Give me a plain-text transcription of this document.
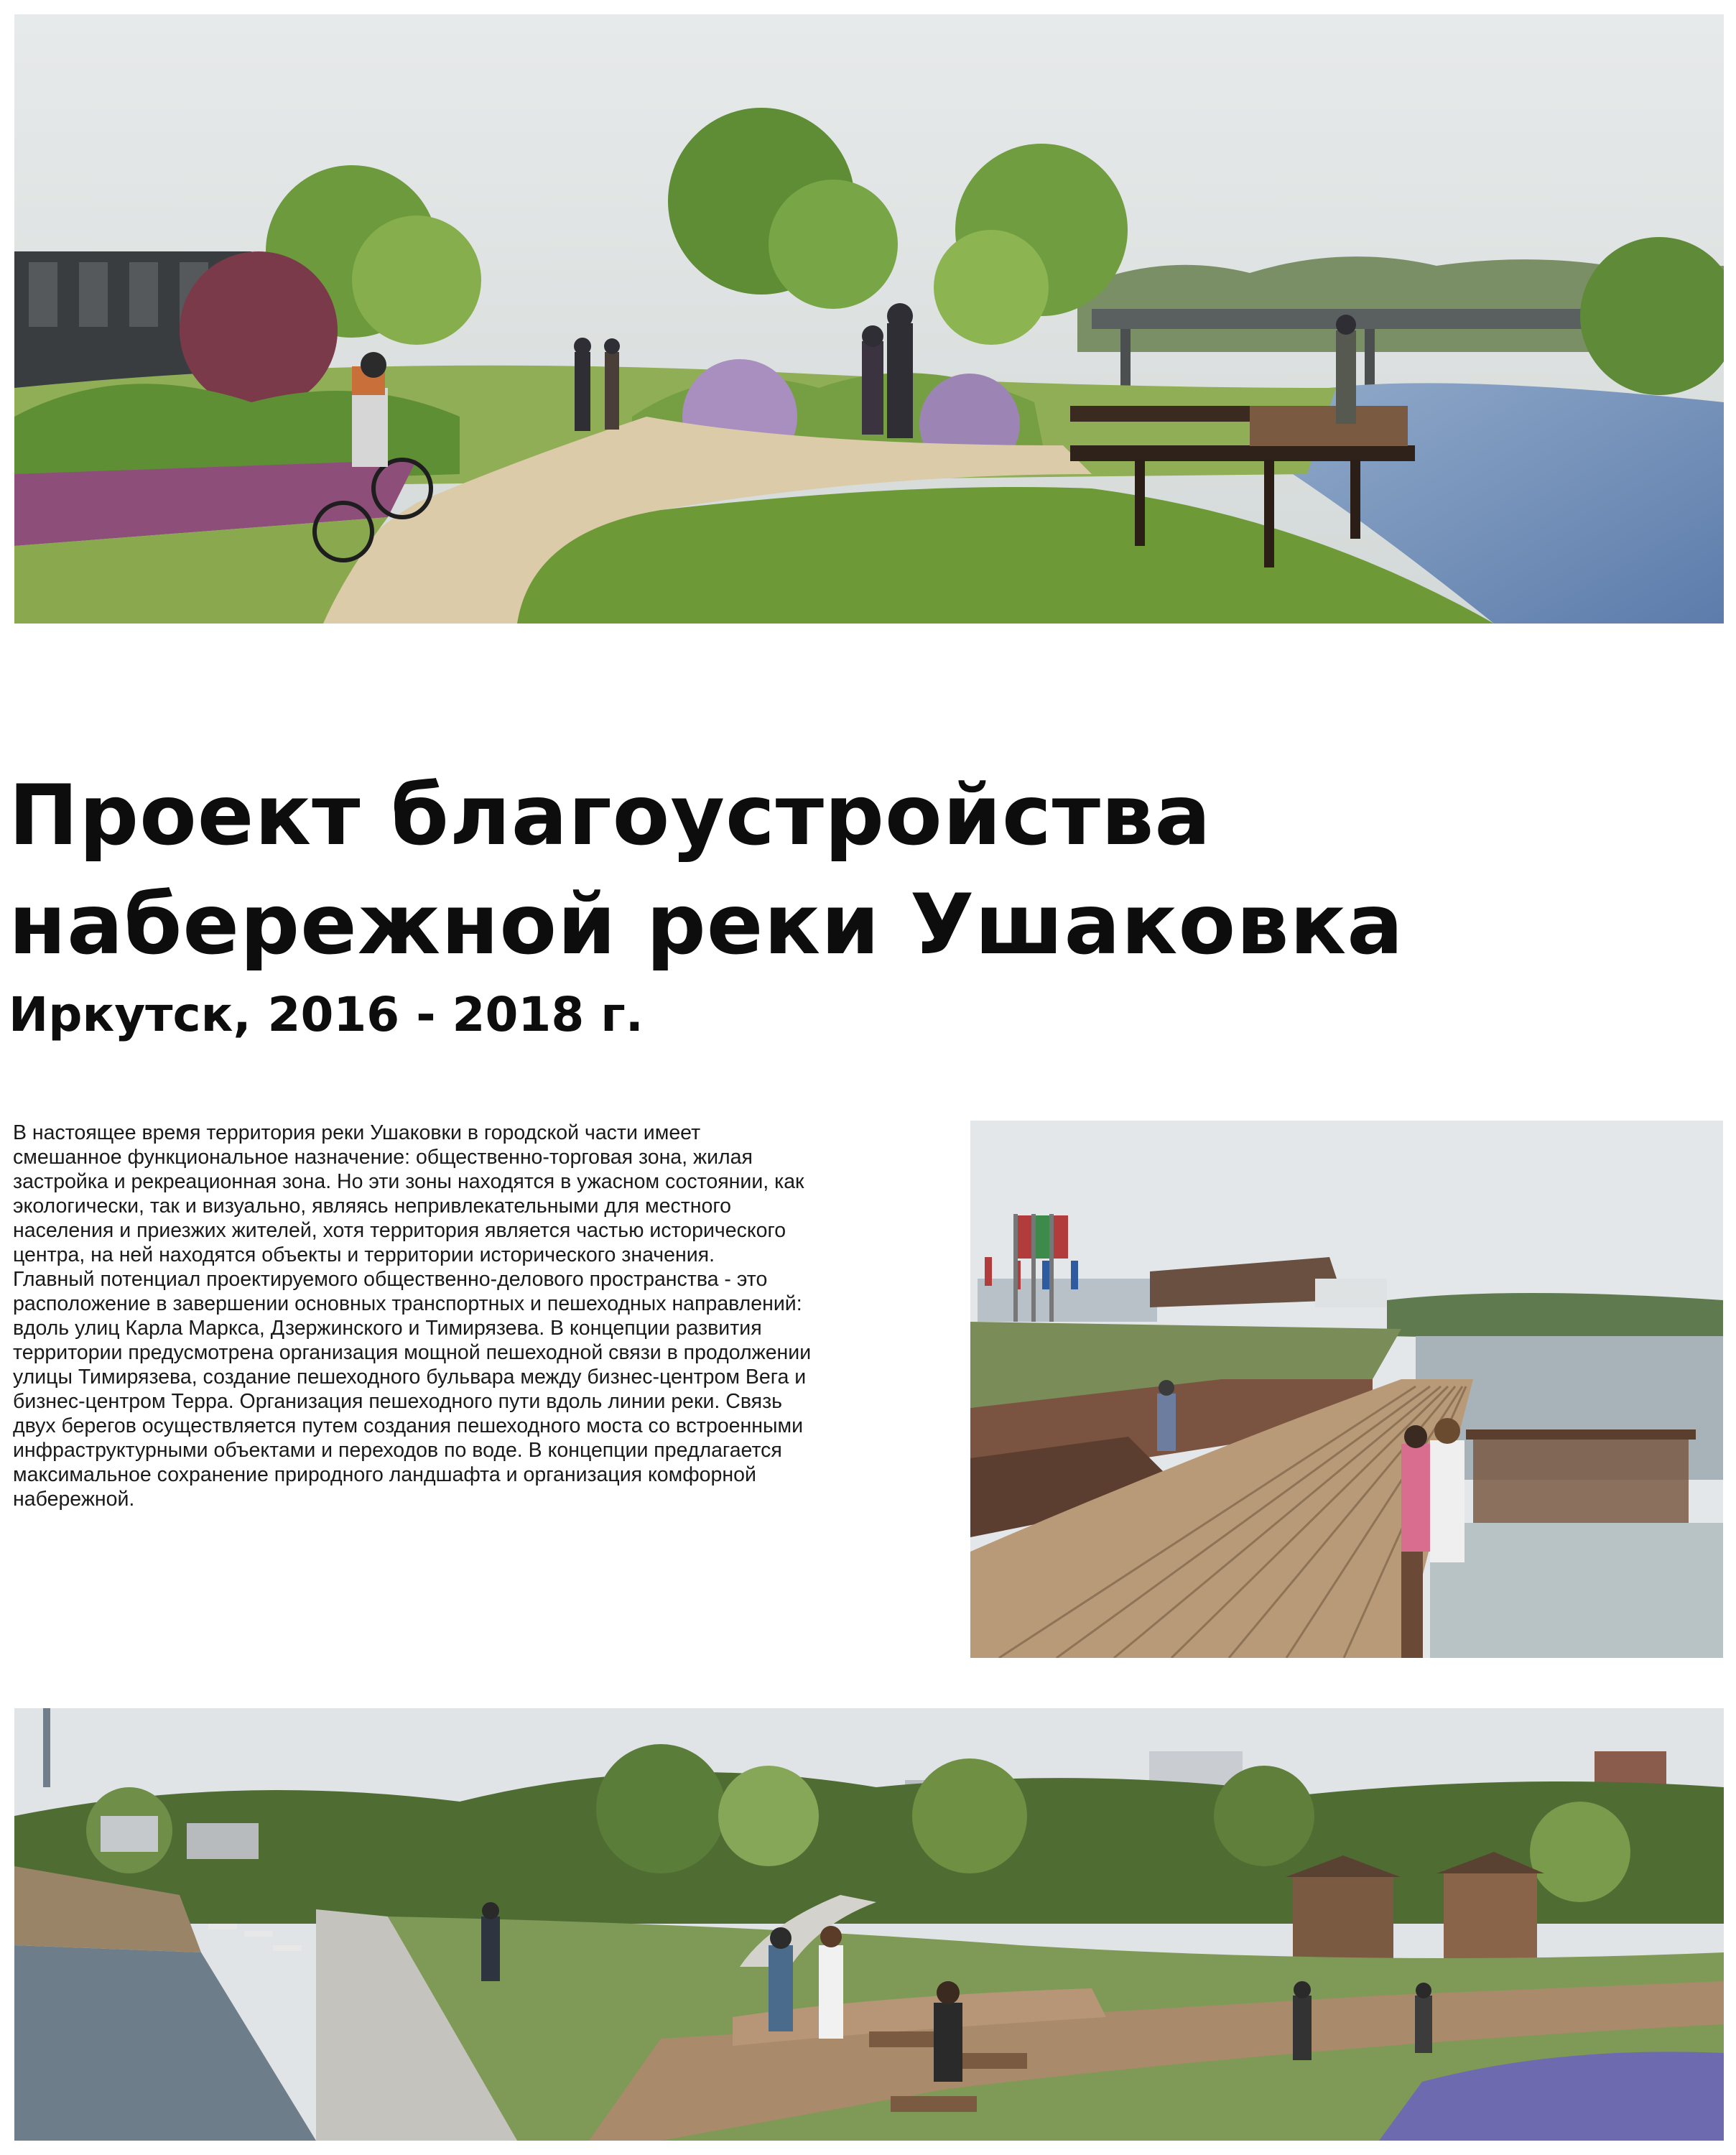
Проект благоустройства
набережной реки Ушаковка
Иркутск, 2016 - 2018 г.

В настоящее время территория реки Ушаковки в городской части имеет

смешанное функциональное назначение: общественно-торговая зона, жилая

застройка и рекреационная зона. Но эти зоны находятся в ужасном состоянии, как

экологически, так и визуально, являясь непривлекательными для местного

населения и приезжих жителей, хотя территория является частью исторического

центра, на ней находятся объекты и территории исторического значения.

Главный потенциал проектируемого общественно-делового пространства - это

расположение в завершении основных транспортных и пешеходных направлений:

вдоль улиц Карла Маркса, Дзержинского и Тимирязева. В концепции развития

территории предусмотрена организация мощной пешеходной связи в продолжении

улицы Тимирязева, создание пешеходного бульвара между бизнес-центром Вега и

бизнес-центром Терра. Организация пешеходного пути вдоль линии реки. Связь

двух берегов осуществляется путем создания пешеходного моста со встроенными

инфраструктурными объектами и переходов по воде. В концепции предлагается

максимальное сохранение природного ландшафта и организация комфорной

набережной.
